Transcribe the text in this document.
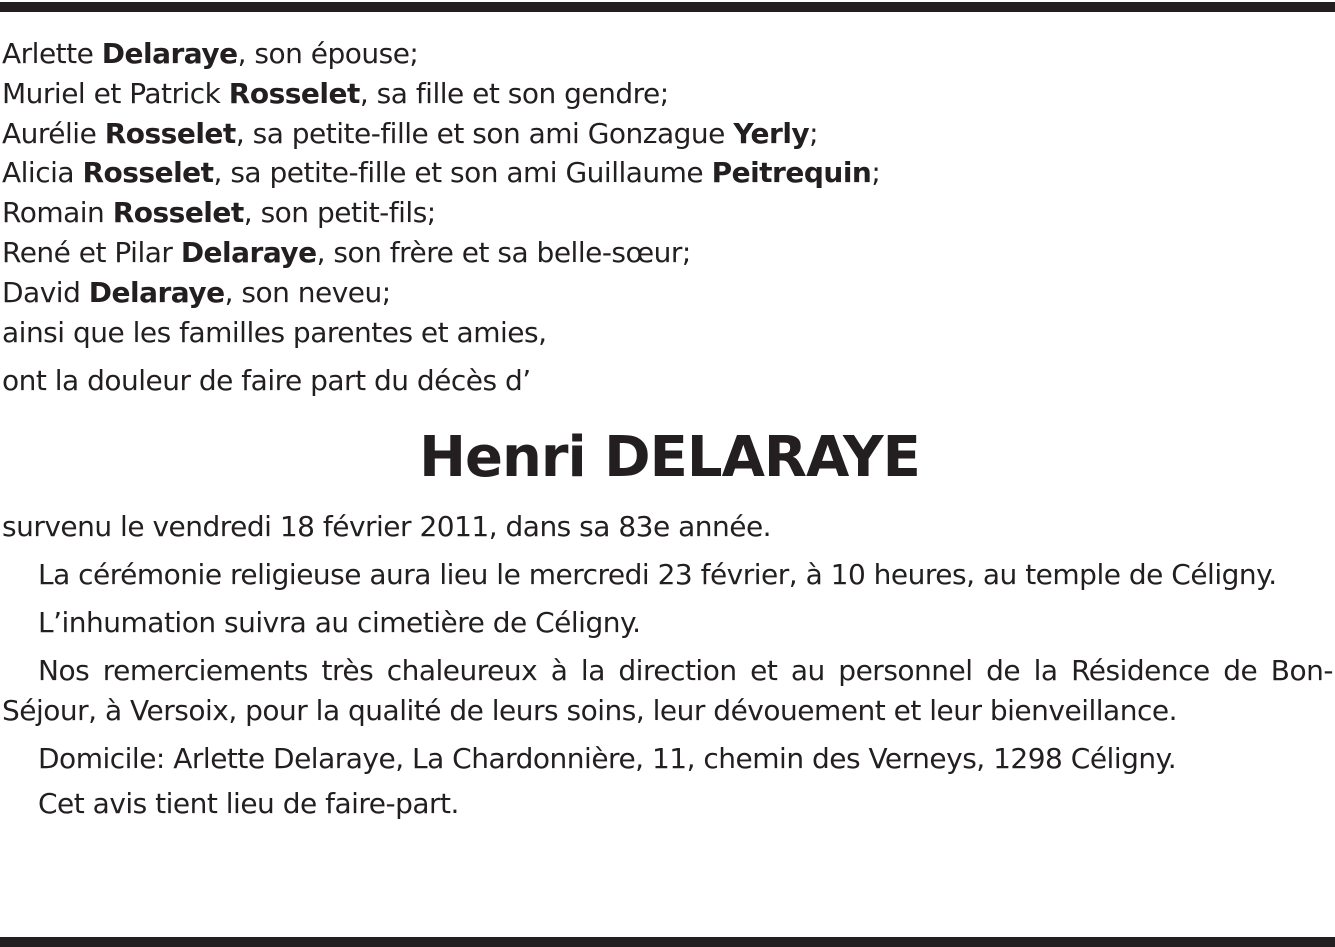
Arlette Delaraye, son épouse;
Muriel et Patrick Rosselet, sa fille et son gendre;
Aurélie Rosselet, sa petite-fille et son ami Gonzague Yerly;
Alicia Rosselet, sa petite-fille et son ami Guillaume Peitrequin;
Romain Rosselet, son petit-fils;
René et Pilar Delaraye, son frère et sa belle-sœur;
David Delaraye, son neveu;
ainsi que les familles parentes et amies,
ont la douleur de faire part du décès d’
Henri DELARAYE
survenu le vendredi 18 février 2011, dans sa 83e année.
La cérémonie religieuse aura lieu le mercredi 23 février, à 10 heures, au temple de Céligny.
L’inhumation suivra au cimetière de Céligny.
Nos remerciements très chaleureux à la direction et au personnel de la Résidence de Bon-Séjour, à Versoix, pour la qualité de leurs soins, leur dévouement et leur bienveillance.
Domicile: Arlette Delaraye, La Chardonnière, 11, chemin des Verneys, 1298 Céligny.
Cet avis tient lieu de faire-part.
